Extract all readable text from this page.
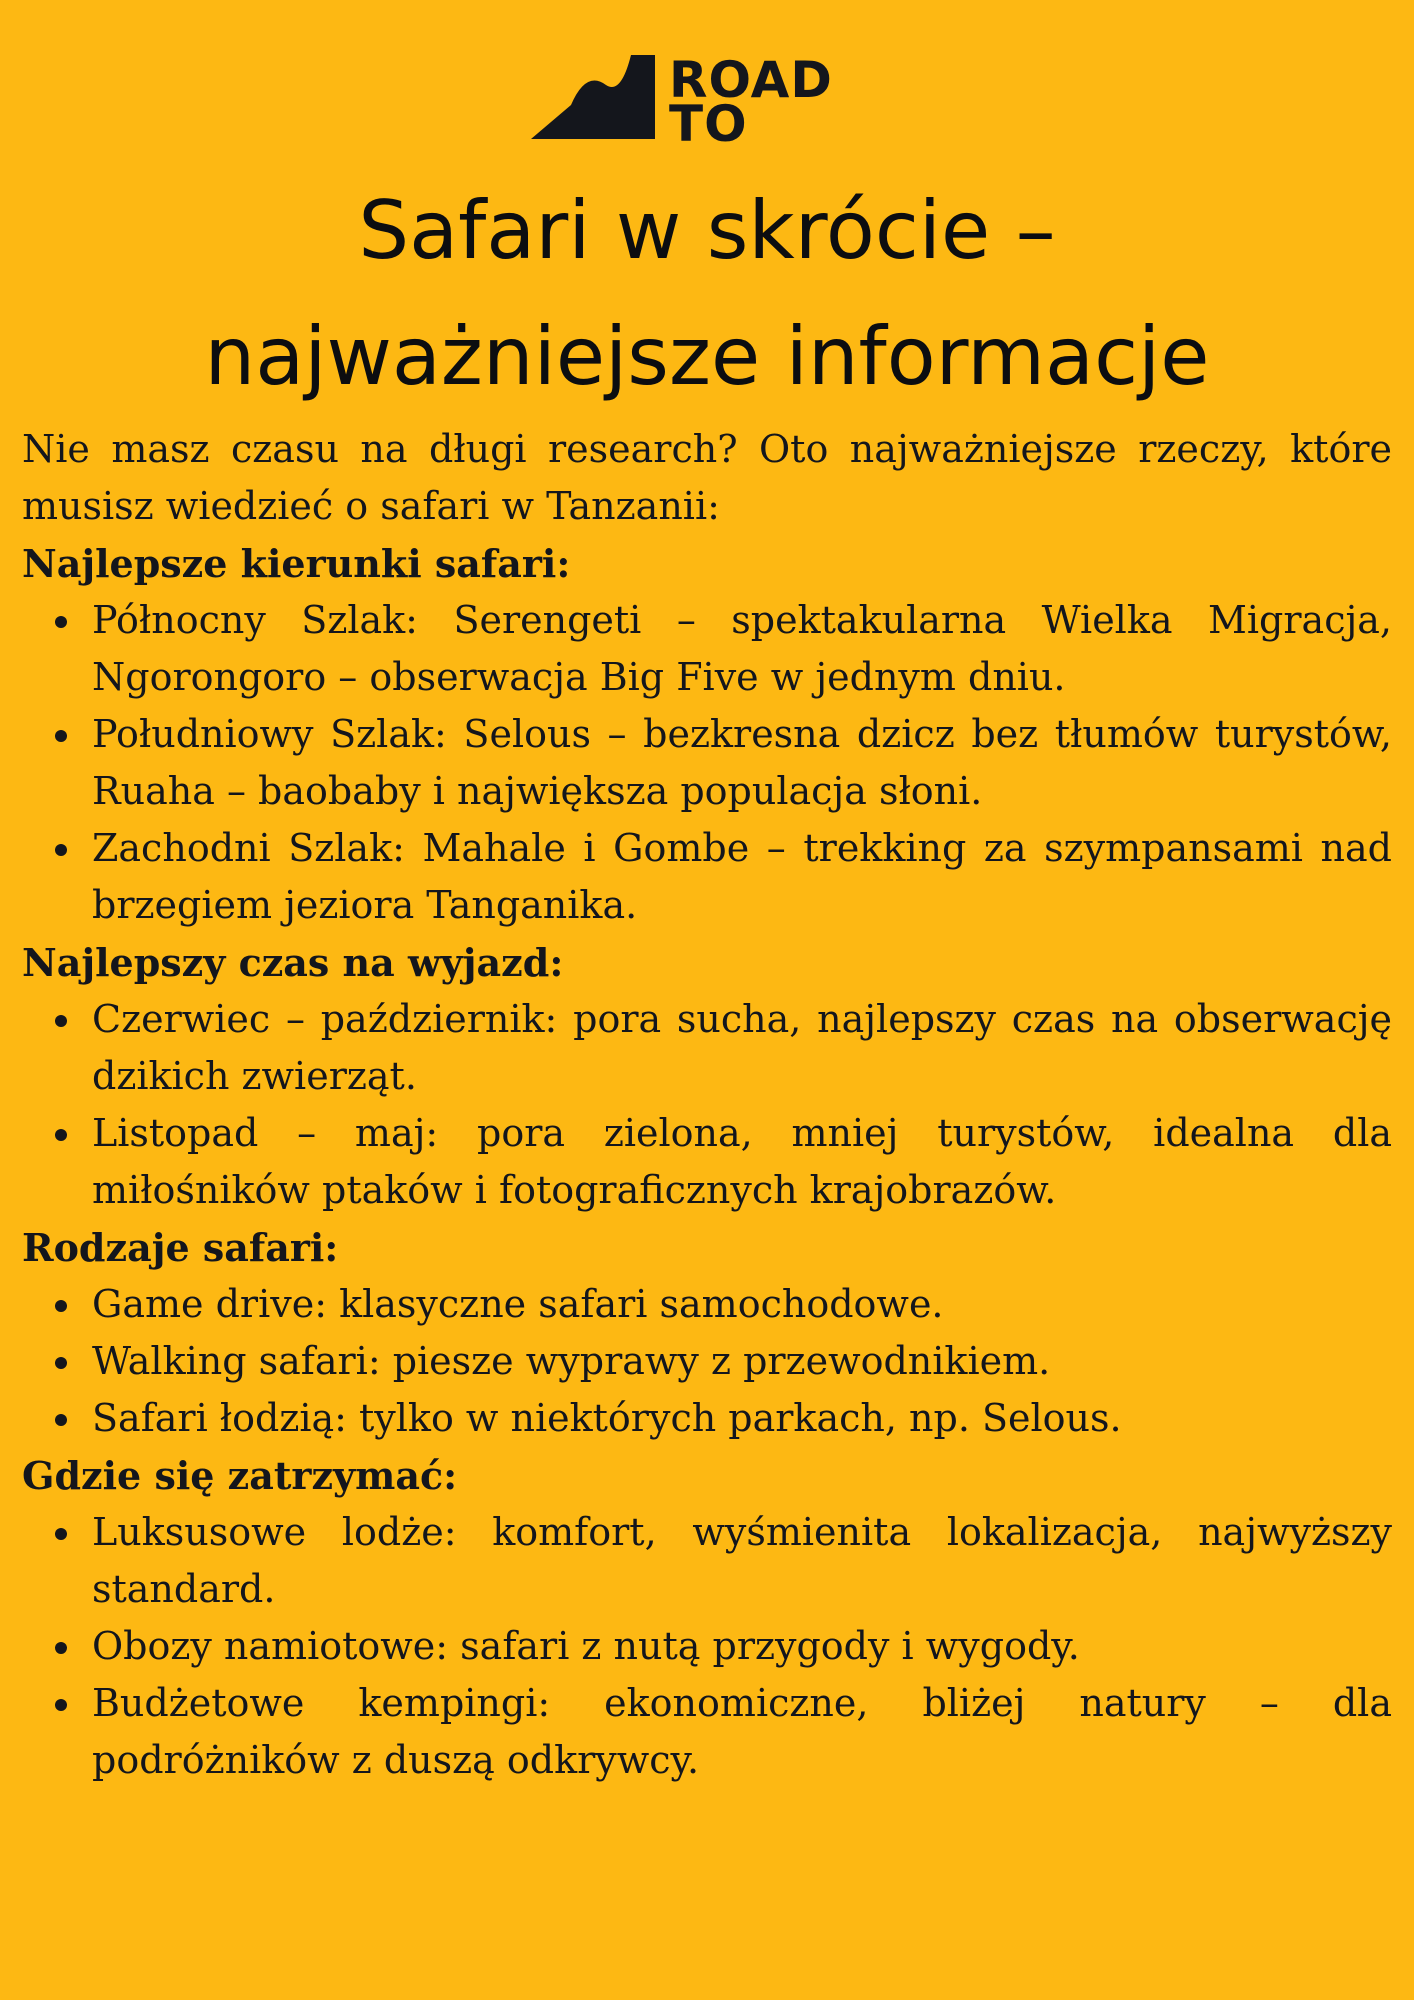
ROAD
TO
Safari w skrócie –
najważniejsze informacje

Nie masz czasu na długi research? Oto najważniejsze rzeczy, które musisz wiedzieć o safari w Tanzanii:

Najlepsze kierunki safari:
Północny Szlak: Serengeti – spektakularna Wielka Migracja, Ngorongoro – obserwacja Big Five w jednym dniu.
Południowy Szlak: Selous – bezkresna dzicz bez tłumów turystów, Ruaha – baobaby i największa populacja słoni.
Zachodni Szlak: Mahale i Gombe – trekking za szympansami nad brzegiem jeziora Tanganika.
Najlepszy czas na wyjazd:
Czerwiec – październik: pora sucha, najlepszy czas na obserwację dzikich zwierząt.
Listopad – maj: pora zielona, mniej turystów, idealna dla miłośników ptaków i fotograficznych krajobrazów.
Rodzaje safari:
Game drive: klasyczne safari samochodowe.
Walking safari: piesze wyprawy z przewodnikiem.
Safari łodzią: tylko w niektórych parkach, np. Selous.
Gdzie się zatrzymać:
Luksusowe lodże: komfort, wyśmienita lokalizacja, najwyższy standard.
Obozy namiotowe: safari z nutą przygody i wygody.
Budżetowe kempingi: ekonomiczne, bliżej natury – dla podróżników z duszą odkrywcy.
